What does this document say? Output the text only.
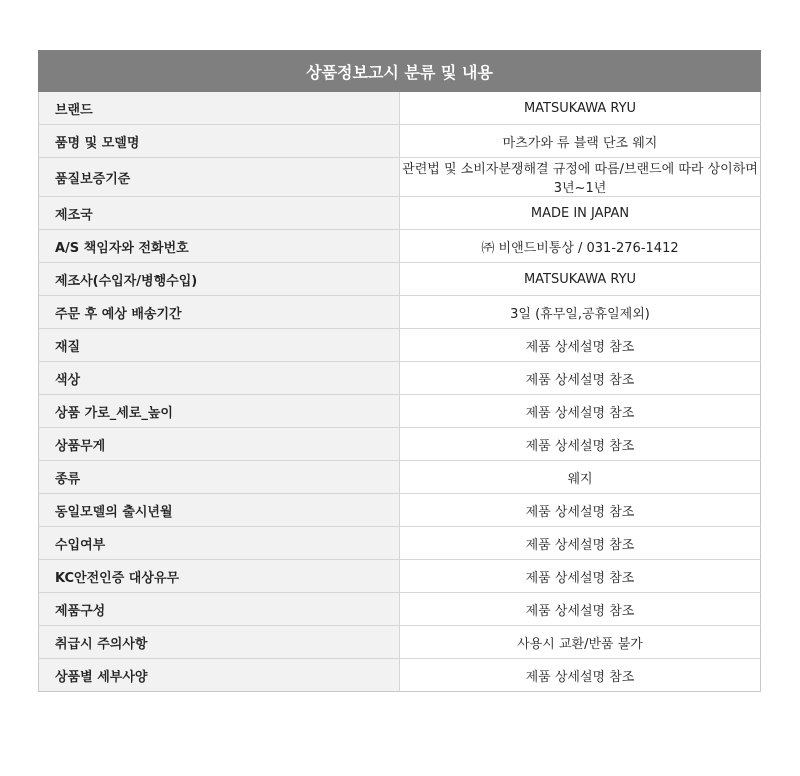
상품정보고시 분류 및 내용	
브랜드	MATSUKAWA RYU
품명 및 모델명	마츠가와 류 블랙 단조 웨지
품질보증기준	관련법 및 소비자분쟁해결 규정에 따름/브랜드에 따라 상이하며 3년~1년
제조국	MADE IN JAPAN
A/S 책임자와 전화번호	㈜ 비앤드비통상 / 031-276-1412
제조사(수입자/병행수입)	MATSUKAWA RYU
주문 후 예상 배송기간	3일 (휴무일,공휴일제외)
재질	제품 상세설명 참조
색상	제품 상세설명 참조
상품 가로_세로_높이	제품 상세설명 참조
상품무게	제품 상세설명 참조
종류	웨지
동일모델의 출시년월	제품 상세설명 참조
수입여부	제품 상세설명 참조
KC안전인증 대상유무	제품 상세설명 참조
제품구성	제품 상세설명 참조
취급시 주의사항	사용시 교환/반품 불가
상품별 세부사양	제품 상세설명 참조
